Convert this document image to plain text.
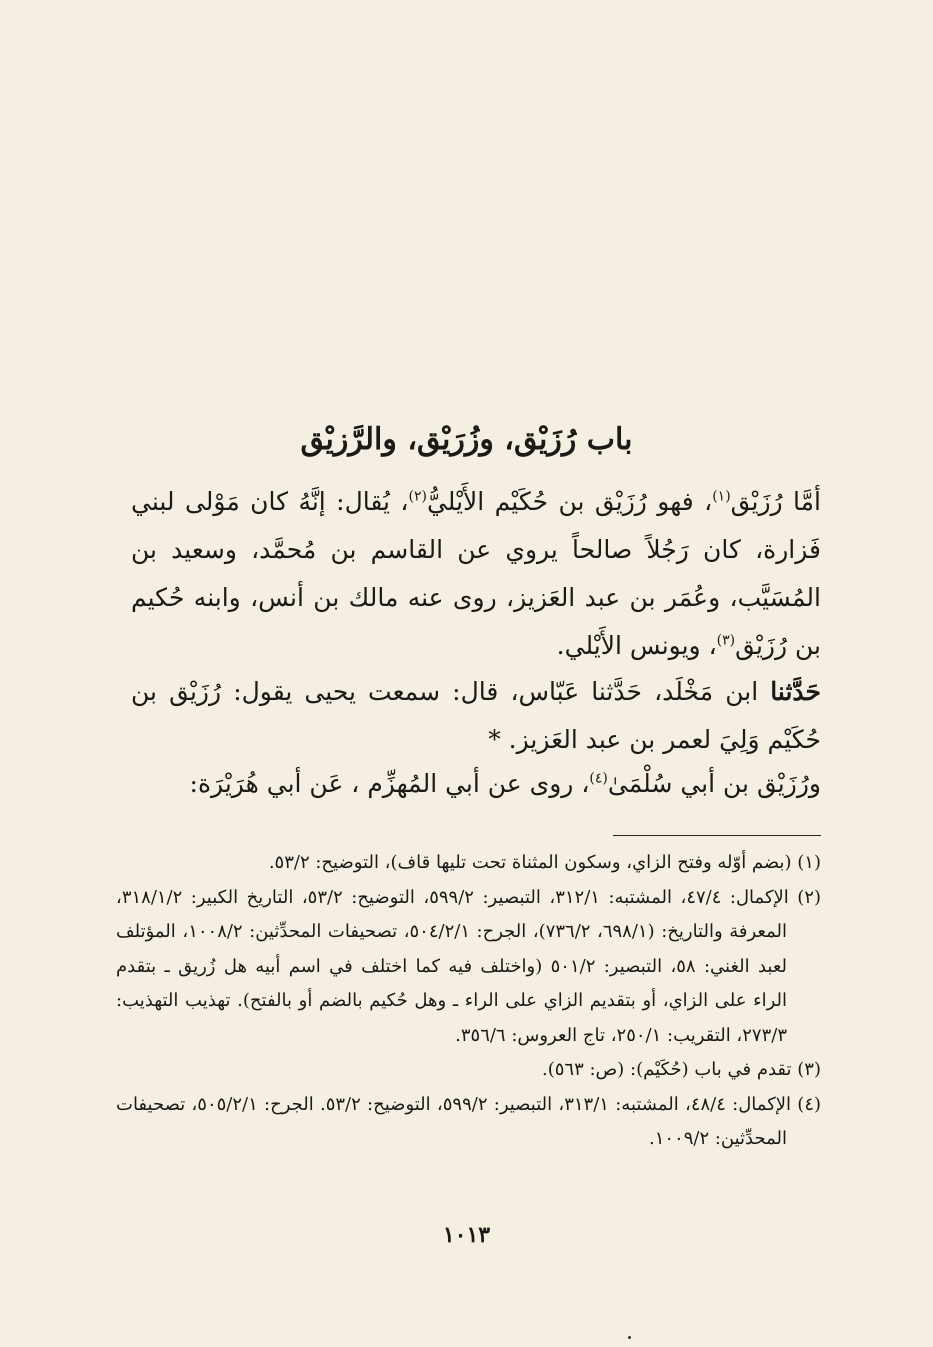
باب رُزَيْق، وزُرَيْق، والرَّزيْق

أمَّا رُزَيْق$^{(١)}$، فهو رُزَيْق بن حُكَيْم الأَيْليُّ$^{(٢)}$، يُقال: إنَّهُ كان مَوْلى لبني فَزارة، كان رَجُلاً صالحاً يروي عن القاسم بن مُحمَّد، وسعيد بن المُسَيَّب، وعُمَر بن عبد العَزيز، روى عنه مالك بن أنس، وابنه حُكيم بن رُزَيْق$^{(٣)}$، ويونس الأَيْلي.

حَدَّثنا ابن مَخْلَد، حَدَّثنا عَبّاس، قال: سمعت يحيى يقول: رُزَيْق بن حُكَيْم وَلِيَ لعمر بن عبد العَزيز. *

ورُزَيْق بن أبي سُلْمَىٰ$^{(٤)}$، روى عن أبي المُهزِّم ، عَن أبي هُرَيْرَة:

(١) (بضم أوّله وفتح الزاي، وسكون المثناة تحت تليها قاف)، التوضيح: ٥٣/٢.
(٢) الإكمال: ٤٧/٤، المشتبه: ٣١٢/١، التبصير: ٥٩٩/٢، التوضيح: ٥٣/٢، التاريخ الكبير: ٣١٨/١/٢، المعرفة والتاريخ: (٦٩٨/١، ٧٣٦/٢)، الجرح: ٥٠٤/٢/١، تصحيفات المحدِّثين: ١٠٠٨/٢، المؤتلف لعبد الغني: ٥٨، التبصير: ٥٠١/٢ (واختلف فيه كما اختلف في اسم أبيه هل زُريق ـ بتقدم الراء على الزاي، أو بتقديم الزاي على الراء ـ وهل حُكيم بالضم أو بالفتح). تهذيب التهذيب: ٢٧٣/٣، التقريب: ٢٥٠/١، تاج العروس: ٣٥٦/٦.
(٣) تقدم في باب (حُكَيْم): (ص: ٥٦٣).
(٤) الإكمال: ٤٨/٤، المشتبه: ٣١٣/١، التبصير: ٥٩٩/٢، التوضيح: ٥٣/٢. الجرح: ٥٠٥/٢/١، تصحيفات المحدِّثين: ١٠٠٩/٢.
١٠١٣
